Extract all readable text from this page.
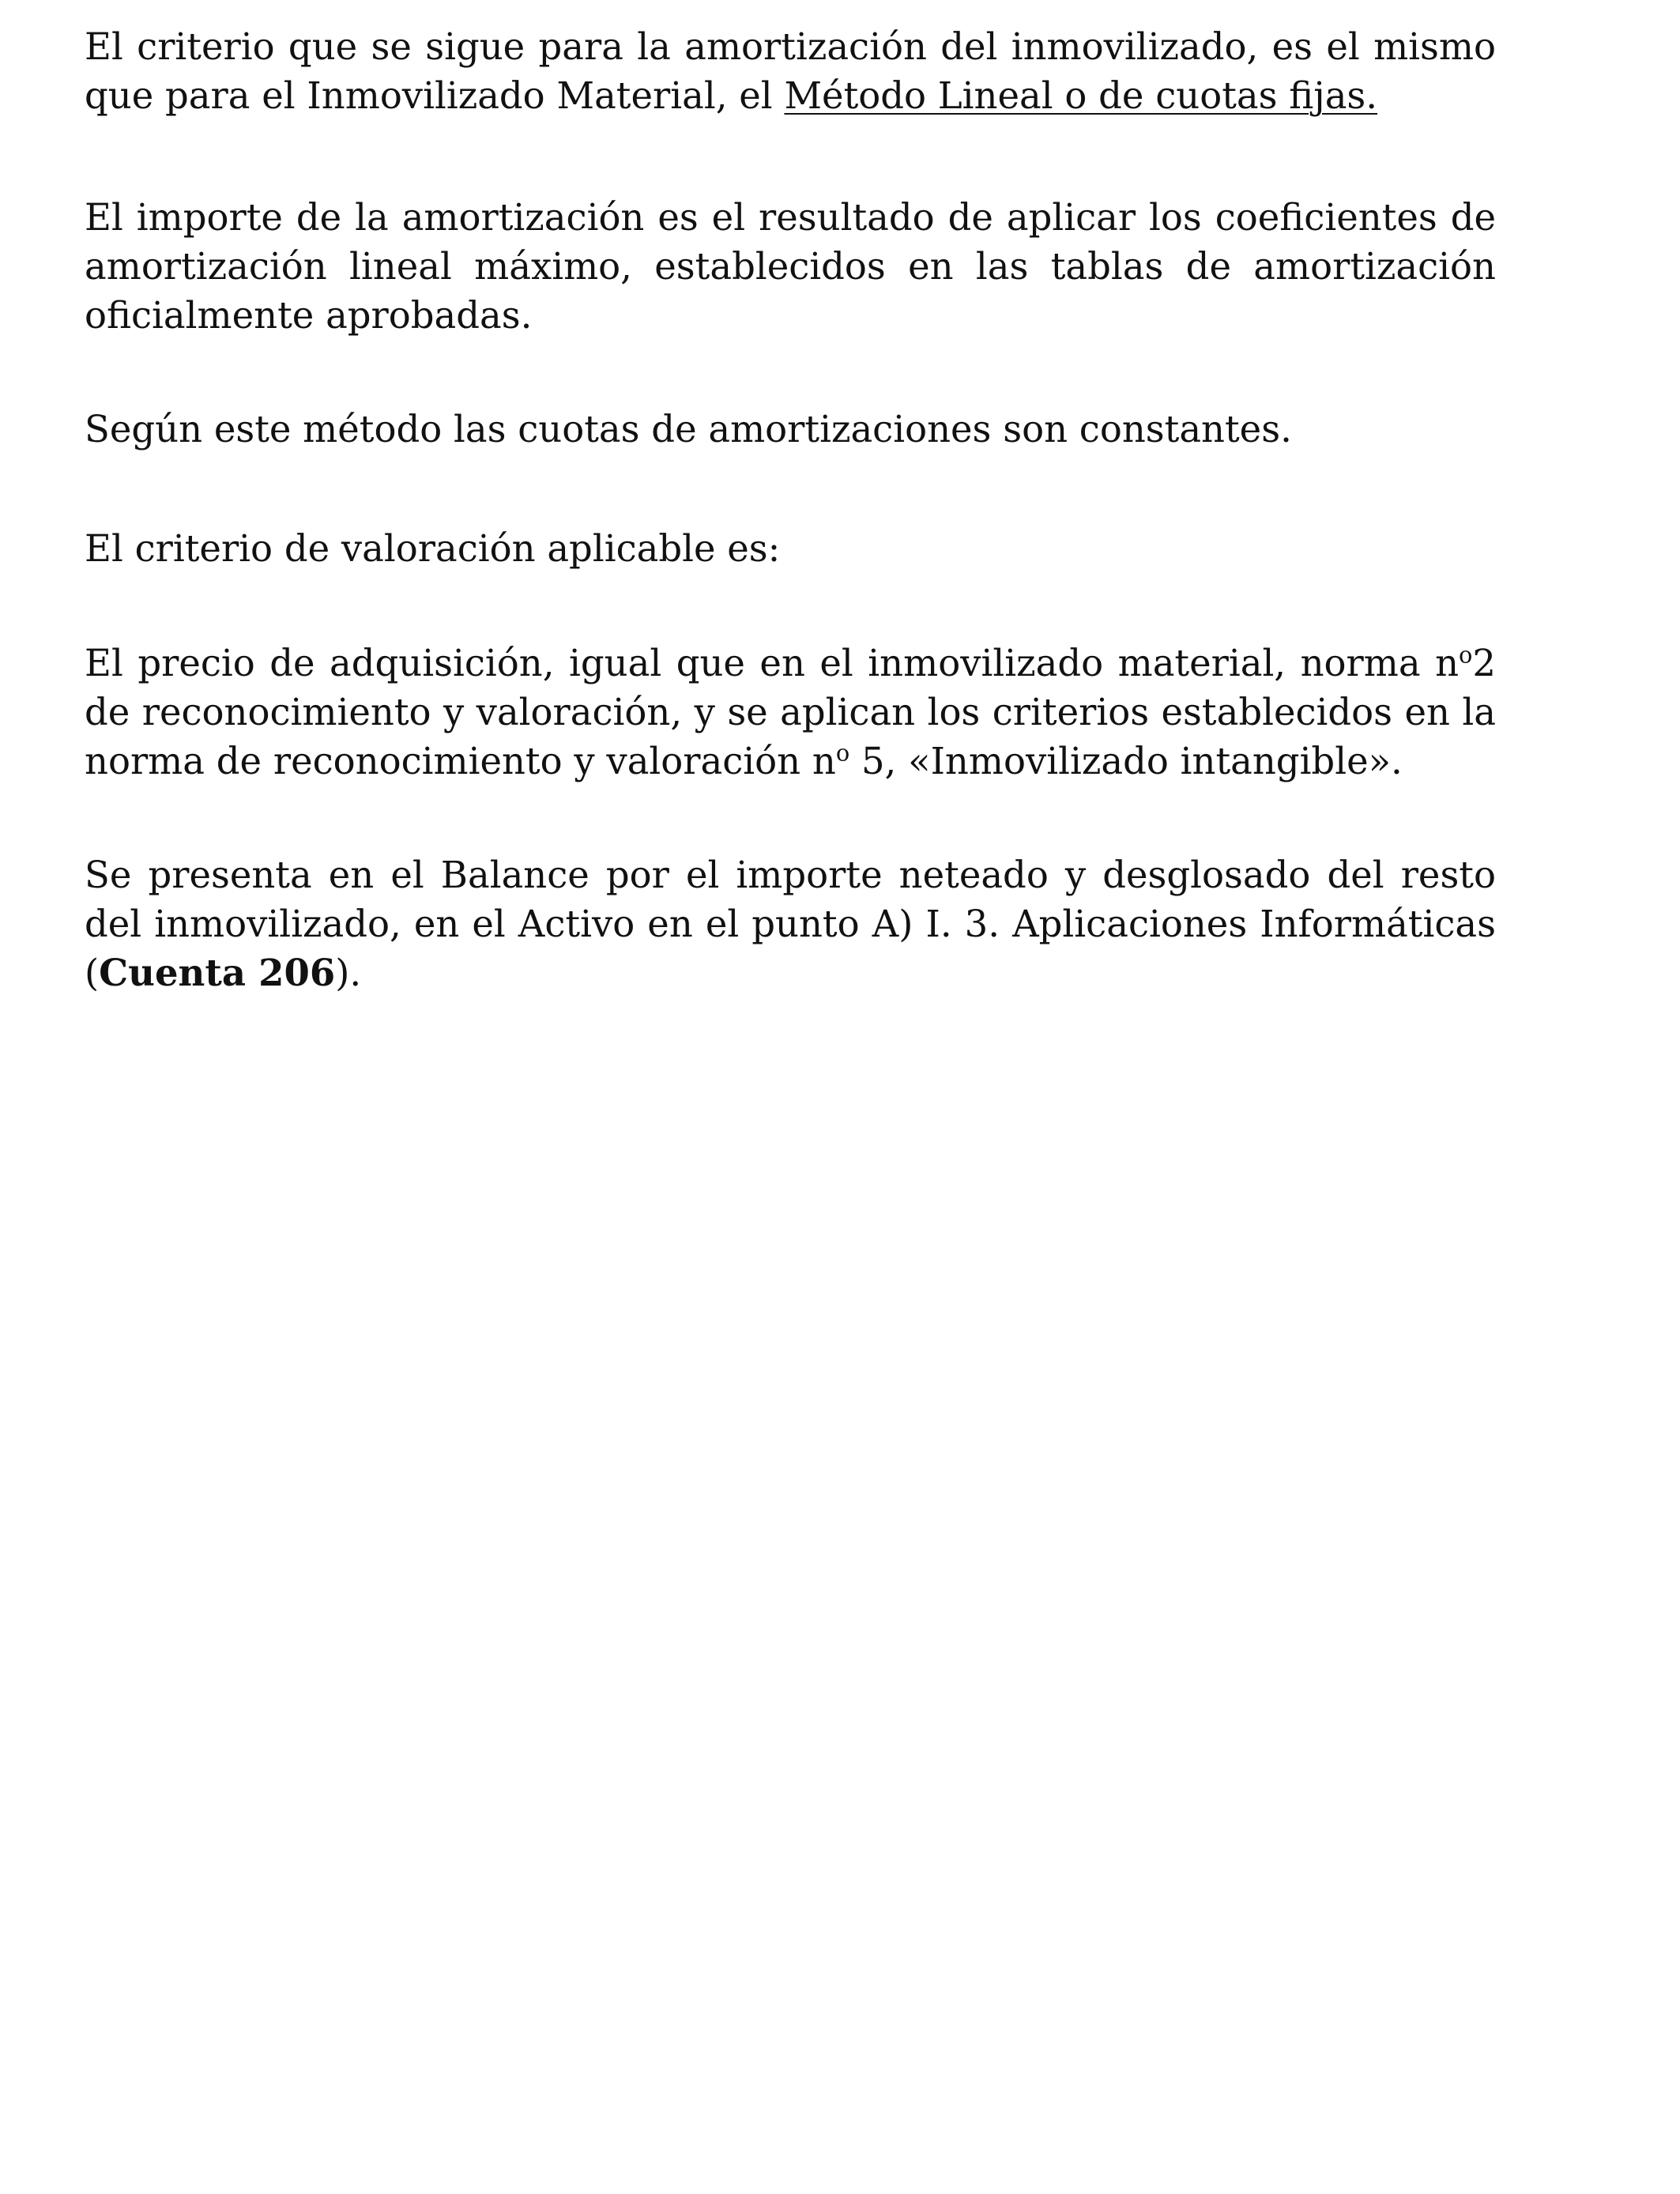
El criterio que se sigue para la amortización del inmovilizado, es el mismo que para el Inmovilizado Material, el Método Lineal o de cuotas fijas.

El importe de la amortización es el resultado de aplicar los coeficientes de amortización lineal máximo, establecidos en las tablas de amortización oficialmente aprobadas.

Según este método las cuotas de amortizaciones son constantes.

El criterio de valoración aplicable es:

El precio de adquisición, igual que en el inmovilizado material, norma $n^o2$ de reconocimiento y valoración, y se aplican los criterios establecidos en la norma de reconocimiento y valoración $n^o$ 5, «Inmovilizado intangible».

Se presenta en el Balance por el importe neteado y desglosado del resto del inmovilizado, en el Activo en el punto A) I. 3. Aplicaciones Informáticas (Cuenta 206).
